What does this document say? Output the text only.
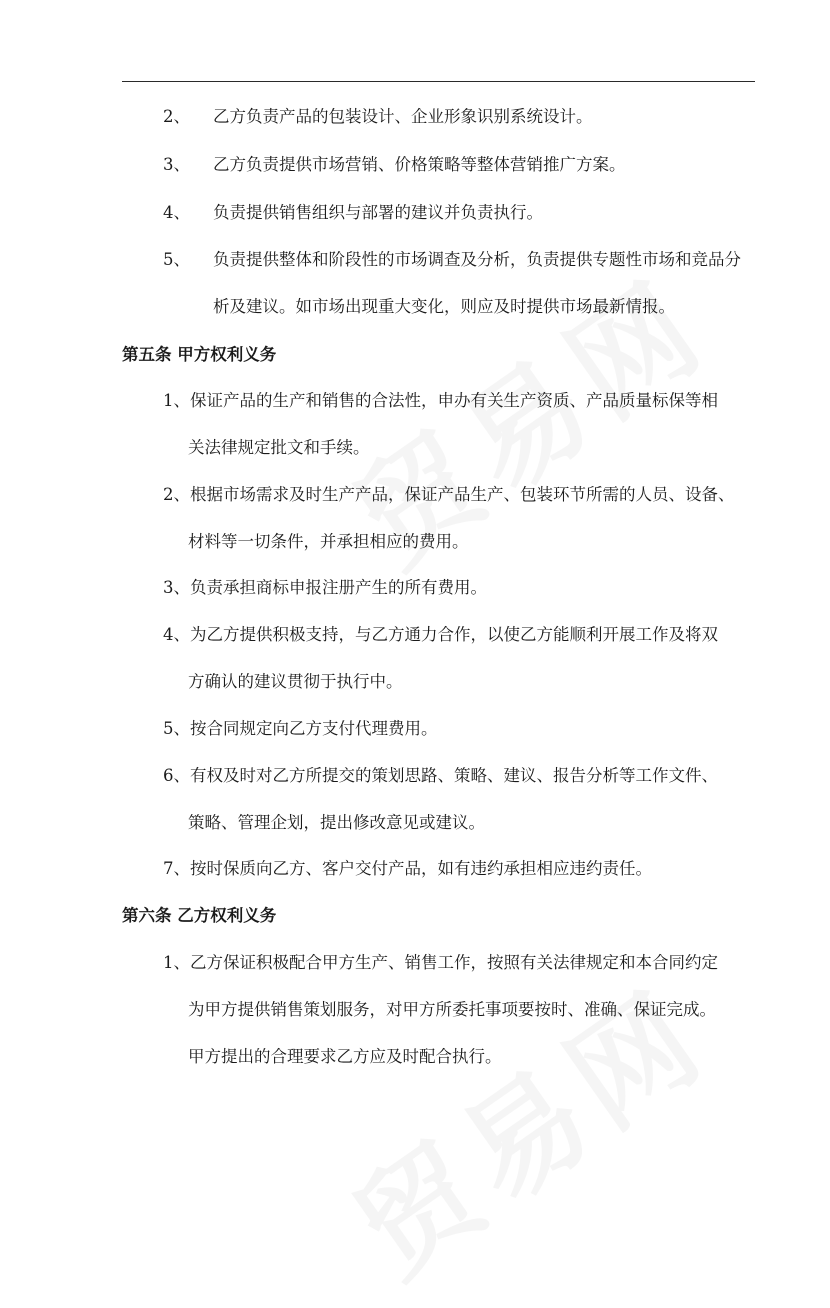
2、 乙方负责产品的包装设计、企业形象识别系统设计。
3、 乙方负责提供市场营销、价格策略等整体营销推广方案。
4、 负责提供销售组织与部署的建议并负责执行。
5、 负责提供整体和阶段性的市场调查及分析，负责提供专题性市场和竞品分
析及建议。如市场出现重大变化，则应及时提供市场最新情报。
第五条 甲方权利义务
1、保证产品的生产和销售的合法性，申办有关生产资质、产品质量标保等相
关法律规定批文和手续。
2、根据市场需求及时生产产品，保证产品生产、包装环节所需的人员、设备、
材料等一切条件，并承担相应的费用。
3、负责承担商标申报注册产生的所有费用。
4、为乙方提供积极支持，与乙方通力合作，以使乙方能顺利开展工作及将双
方确认的建议贯彻于执行中。
5、按合同规定向乙方支付代理费用。
6、有权及时对乙方所提交的策划思路、策略、建议、报告分析等工作文件、
策略、管理企划，提出修改意见或建议。
7、按时保质向乙方、客户交付产品，如有违约承担相应违约责任。
第六条 乙方权利义务
1、乙方保证积极配合甲方生产、销售工作，按照有关法律规定和本合同约定
为甲方提供销售策划服务，对甲方所委托事项要按时、准确、保证完成。
甲方提出的合理要求乙方应及时配合执行。
